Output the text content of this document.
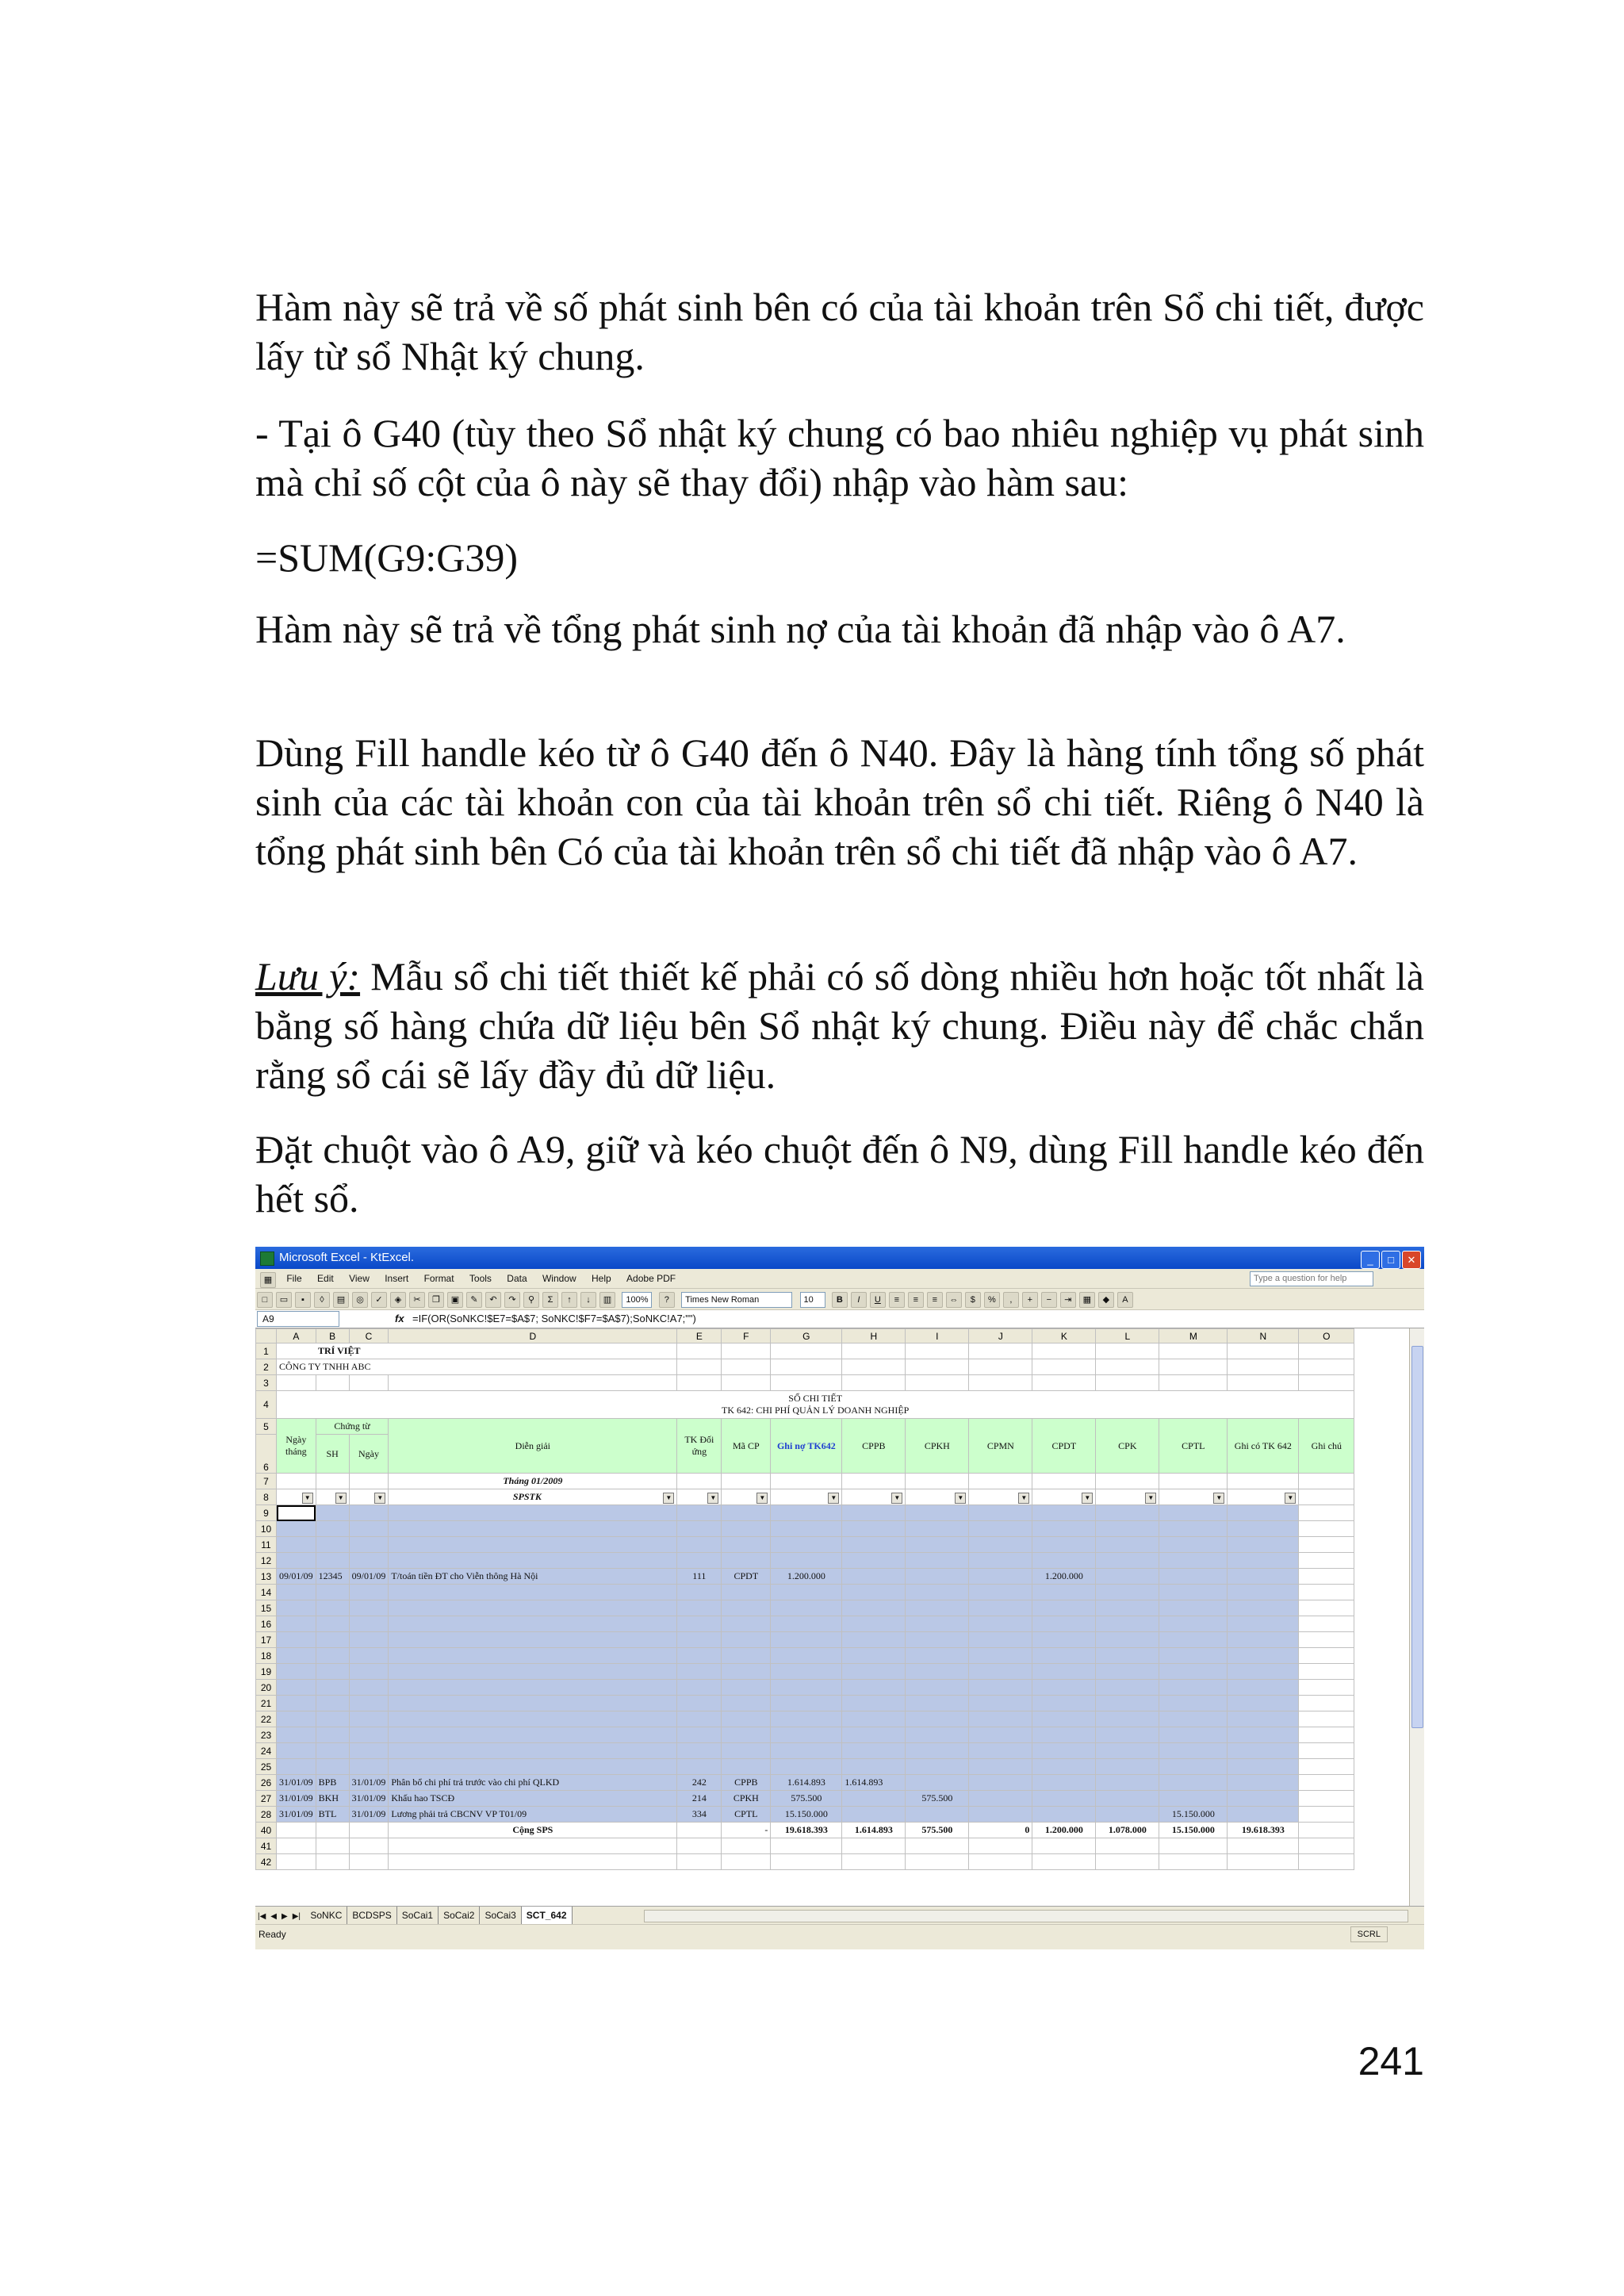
Hàm này sẽ trả về số phát sinh bên có của tài khoản trên Sổ chi tiết, được lấy từ sổ Nhật ký chung.

- Tại ô G40 (tùy theo Sổ nhật ký chung có bao nhiêu nghiệp vụ phát sinh mà chỉ số cột của ô này sẽ thay đổi) nhập vào hàm sau:

=SUM(G9:G39)

Hàm này sẽ trả về tổng phát sinh nợ của tài khoản đã nhập vào ô A7.

Dùng Fill handle kéo từ ô G40 đến ô N40. Đây là hàng tính tổng số phát sinh của các tài khoản con của tài khoản trên sổ chi tiết. Riêng ô N40 là tổng phát sinh bên Có của tài khoản trên sổ chi tiết đã nhập vào ô A7.

Lưu ý: Mẫu sổ chi tiết thiết kế phải có số dòng nhiều hơn hoặc tốt nhất là bằng số hàng chứa dữ liệu bên Sổ nhật ký chung. Điều này để chắc chắn rằng sổ cái sẽ lấy đầy đủ dữ liệu.

Đặt chuột vào ô A9, giữ và kéo chuột đến ô N9, dùng Fill handle kéo đến hết sổ.

Microsoft Excel - KtExcel.	_ □ ✕
▦ File Edit View Insert Format Tools Data Window Help Adobe PDF	Type a question for help
□ ▭ ▪ ◊ ▤ ◎ ✓ ◈ ✂ ❐ ▣ ✎ ↶ ↷ ⚲ Σ ↑ ↓ ▥ 100% ? Times New Roman	10	B I U ≡ ≡ ≡ ⇔ $ % , + − ⇥ ▦ ◆ A
A9	fx =IF(OR(SoNKC!$E7=$A$7; SoNKC!$F7=$A$7);SoNKC!A7;"")
	A	B	C	D	E	F	G	H	I	J	K	L	M	N	O
1	TRÍ VIỆT														
2	CÔNG TY TNHH ABC														
3															
4	SỔ CHI TIẾT
TK 642: CHI PHÍ QUẢN LÝ DOANH NGHIỆP														

5	Ngày tháng	Chứng từ		Diễn giải	TK Đối ứng	Mã CP	Ghi nợ TK642	CPPB	CPKH	CPMN	CPDT	CPK	CPTL	Ghi có TK 642	Ghi chú
6		SH	Ngày												
7				Tháng 01/2009											
8	▼	▼	▼	SPSTK ▼	▼	▼	▼	▼	▼	▼	▼	▼	▼	▼	

9															
10															
11															
12															
13	09/01/09	12345	09/01/09	T/toán tiền ĐT cho Viễn thông Hà Nội	111	CPDT	1.200.000				1.200.000				
14															
15															
16															
17															
18															
19															
20															
21															
22															
23															
24															
25															
26	31/01/09	BPB	31/01/09	Phân bổ chi phí trả trước vào chi phí QLKD	242	CPPB	1.614.893	1.614.893							
27	31/01/09	BKH	31/01/09	Khấu hao TSCĐ	214	CPKH	575.500		575.500						
28	31/01/09	BTL	31/01/09	Lương phải trả CBCNV VP T01/09	334	CPTL	15.150.000						15.150.000		
40				Cộng SPS		-	19.618.393	1.614.893	575.500	0	1.200.000	1.078.000	15.150.000	19.618.393	
41															
42															
|◀ ◀ ▶ ▶| SoNKC BCDSPS SoCai1 SoCai2 SoCai3 SCT_642
Ready	SCRL
241
